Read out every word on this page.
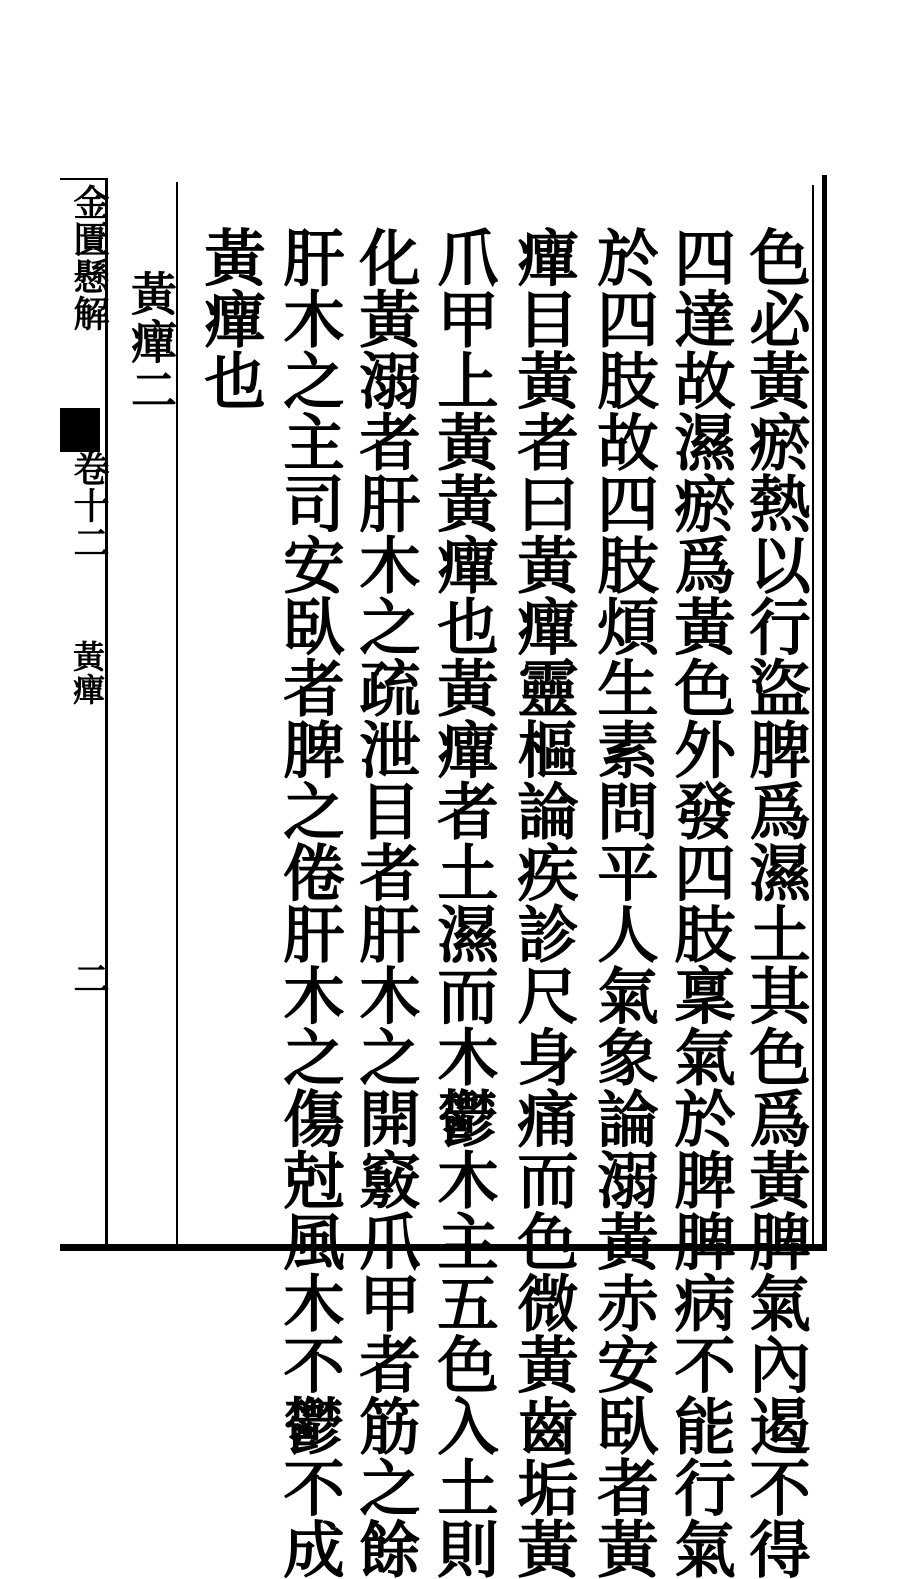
金匱懸解
卷十二
黃癉
二	色必黃瘀熱以行盜脾爲濕土其色爲黃脾氣內遏不得
四達故濕瘀爲黃色外發四肢稟氣於脾脾病不能行氣
於四肢故四肢煩生素問平人氣象論溺黃赤安臥者黃
癉目黃者曰黃癉靈樞論疾診尺身痛而色微黃齒垢黃
爪甲上黃黃癉也黃癉者土濕而木鬱木主五色入土則
化黃溺者肝木之疏泄目者肝木之開竅爪甲者筋之餘
肝木之主司安臥者脾之倦肝木之傷尅風木不鬱不成
黃癉也
黃癉二
